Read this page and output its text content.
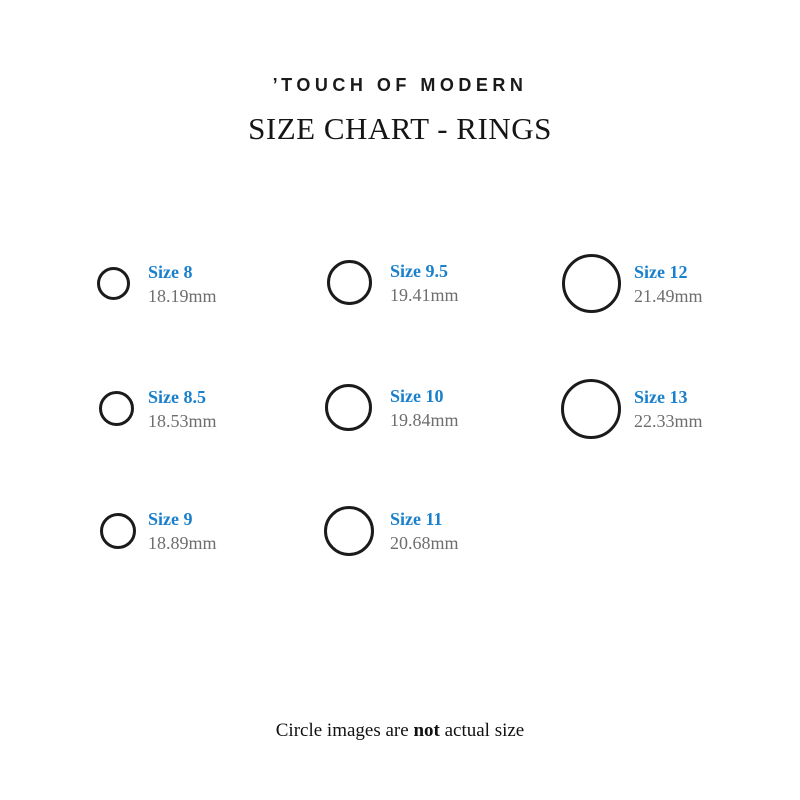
’TOUCH OF MODERN
SIZE CHART - RINGS
Size 8
18.19mm
Size 9.5
19.41mm
Size 12
21.49mm
Size 8.5
18.53mm
Size 10
19.84mm
Size 13
22.33mm
Size 9
18.89mm
Size 11
20.68mm
Circle images are not actual size
